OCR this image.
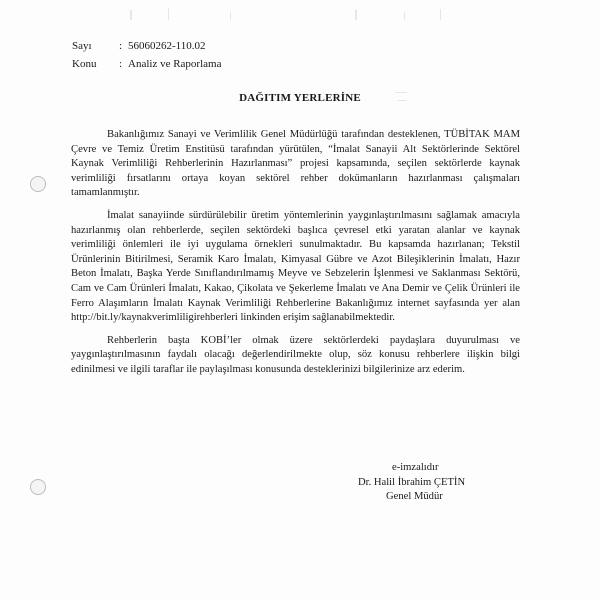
Sayı	: 56060262-110.02
Konu	: Analiz ve Raporlama
DAĞITIM YERLERİNE

Bakanlığımız Sanayi ve Verimlilik Genel Müdürlüğü tarafından desteklenen, TÜBİTAK MAM Çevre ve Temiz Üretim Enstitüsü tarafından yürütülen, “İmalat Sanayii Alt Sektörlerinde Sektörel Kaynak Verimliliği Rehberlerinin Hazırlanması” projesi kapsamında, seçilen sektörlerde kaynak verimliliği fırsatlarını ortaya koyan sektörel rehber dokümanların hazırlanması çalışmaları tamamlanmıştır.

İmalat sanayiinde sürdürülebilir üretim yöntemlerinin yaygınlaştırılmasını sağlamak amacıyla hazırlanmış olan rehberlerde, seçilen sektördeki başlıca çevresel etki yaratan alanlar ve kaynak verimliliği önlemleri ile iyi uygulama örnekleri sunulmaktadır. Bu kapsamda hazırlanan; Tekstil Ürünlerinin Bitirilmesi, Seramik Karo İmalatı, Kimyasal Gübre ve Azot Bileşiklerinin İmalatı, Hazır Beton İmalatı, Başka Yerde Sınıflandırılmamış Meyve ve Sebzelerin İşlenmesi ve Saklanması Sektörü, Cam ve Cam Ürünleri İmalatı, Kakao, Çikolata ve Şekerleme İmalatı ve Ana Demir ve Çelik Ürünleri ile Ferro Alaşımların İmalatı Kaynak Verimliliği Rehberlerine Bakanlığımız internet sayfasında yer alan http://bit.ly/kaynakverimliligirehberleri linkinden erişim sağlanabilmektedir.

Rehberlerin başta KOBİ’ler olmak üzere sektörlerdeki paydaşlara duyurulması ve yaygınlaştırılmasının faydalı olacağı değerlendirilmekte olup, söz konusu rehberlere ilişkin bilgi edinilmesi ve ilgili taraflar ile paylaşılması konusunda desteklerinizi bilgilerinize arz ederim.

e-imzalıdır
Dr. Halil İbrahim ÇETİN
Genel Müdür
